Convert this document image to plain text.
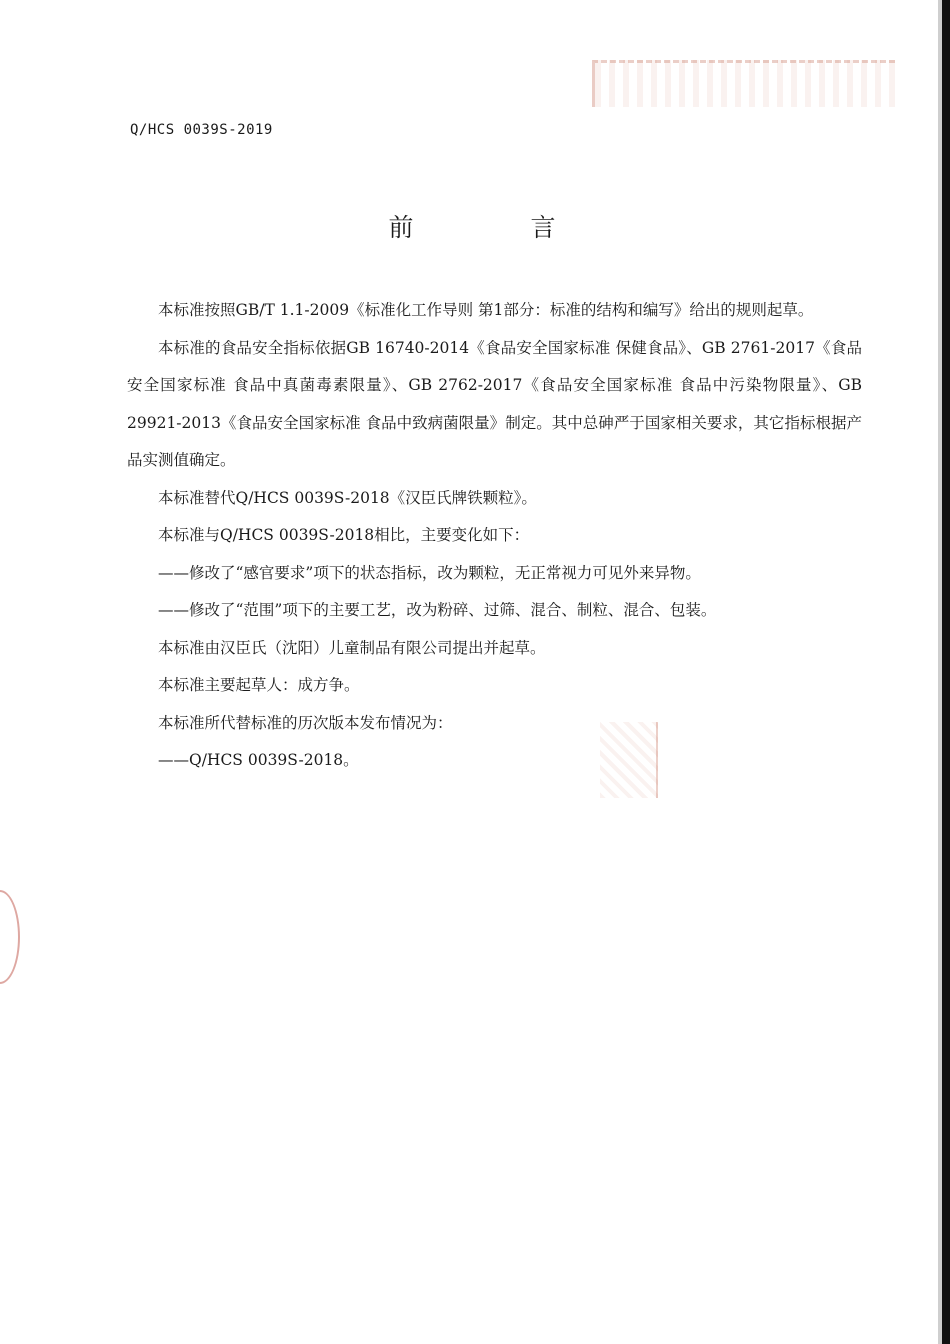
Q/HCS 0039S-2019
前　言

本标准按照GB/T 1.1-2009《标准化工作导则 第1部分：标准的结构和编写》给出的规则起草。

本标准的食品安全指标依据GB 16740-2014《食品安全国家标准 保健食品》、GB 2761-2017《食品安全国家标准 食品中真菌毒素限量》、GB 2762-2017《食品安全国家标准 食品中污染物限量》、GB 29921-2013《食品安全国家标准 食品中致病菌限量》制定。其中总砷严于国家相关要求，其它指标根据产品实测值确定。

本标准替代Q/HCS 0039S-2018《汉臣氏牌铁颗粒》。

本标准与Q/HCS 0039S-2018相比，主要变化如下：

——修改了“感官要求”项下的状态指标，改为颗粒，无正常视力可见外来异物。

——修改了“范围”项下的主要工艺，改为粉碎、过筛、混合、制粒、混合、包装。

本标准由汉臣氏（沈阳）儿童制品有限公司提出并起草。

本标准主要起草人：成方争。

本标准所代替标准的历次版本发布情况为：

——Q/HCS 0039S-2018。
